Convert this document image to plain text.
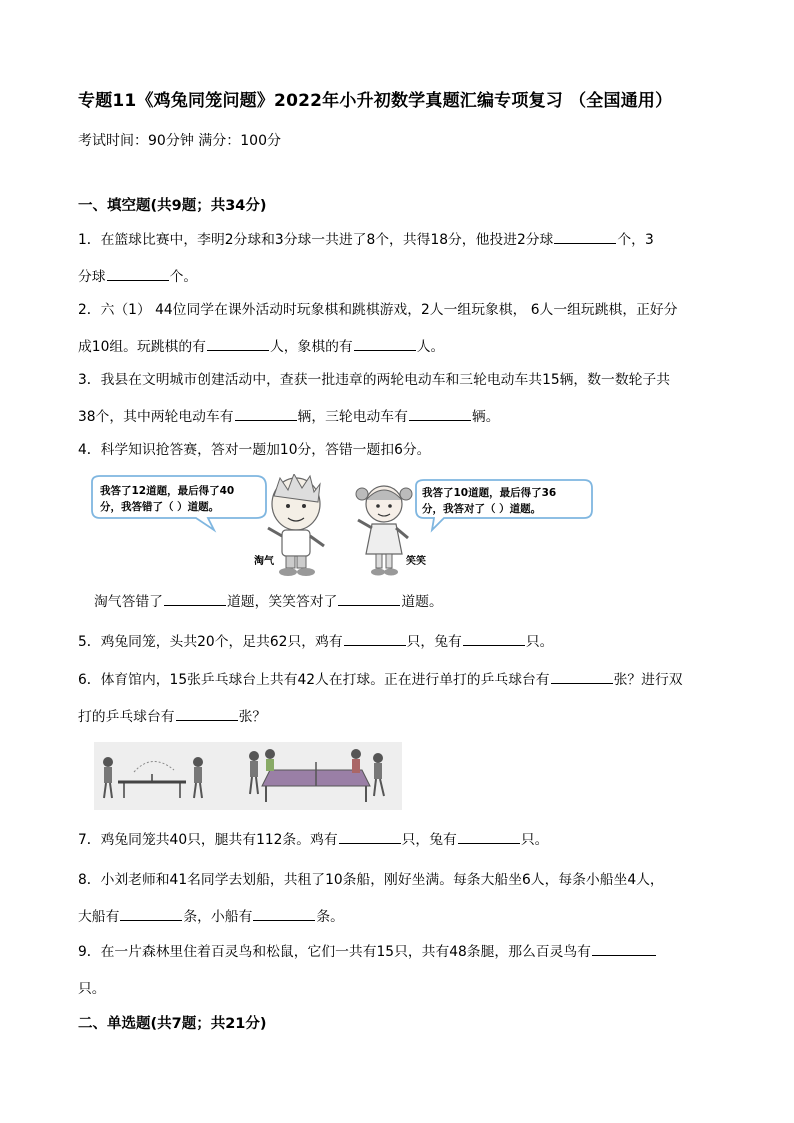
专题11《鸡兔同笼问题》2022年小升初数学真题汇编专项复习 （全国通用）
考试时间：90分钟 满分：100分
一、填空题(共9题；共34分)
1．在篮球比赛中，李明2分球和3分球一共进了8个，共得18分，他投进2分球	个，3
分球	个。
2．六（1） 44位同学在课外活动时玩象棋和跳棋游戏，2人一组玩象棋， 6人一组玩跳棋，正好分
成10组。玩跳棋的有	人，象棋的有	人。
3．我县在文明城市创建活动中，查获一批违章的两轮电动车和三轮电动车共15辆，数一数轮子共
38个，其中两轮电动车有	辆，三轮电动车有	辆。
4．科学知识抢答赛，答对一题加10分，答错一题扣6分。
我答了12道题，最后得了40
分，我答错了（ ）道题。
淘气	笑笑
我答了10道题，最后得了36
分，我答对了（ ）道题。
淘气答错了	道题，笑笑答对了	道题。
5．鸡兔同笼，头共20个，足共62只，鸡有	只，兔有	只。
6．体育馆内，15张乒乓球台上共有42人在打球。正在进行单打的乒乓球台有	张？进行双
打的乒乓球台有	张？
7．鸡兔同笼共40只，腿共有112条。鸡有	只，兔有	只。
8．小刘老师和41名同学去划船，共租了10条船，刚好坐满。每条大船坐6人，每条小船坐4人，
大船有	条，小船有	条。
9．在一片森林里住着百灵鸟和松鼠，它们一共有15只，共有48条腿，那么百灵鸟有
只。
二、单选题(共7题；共21分)
